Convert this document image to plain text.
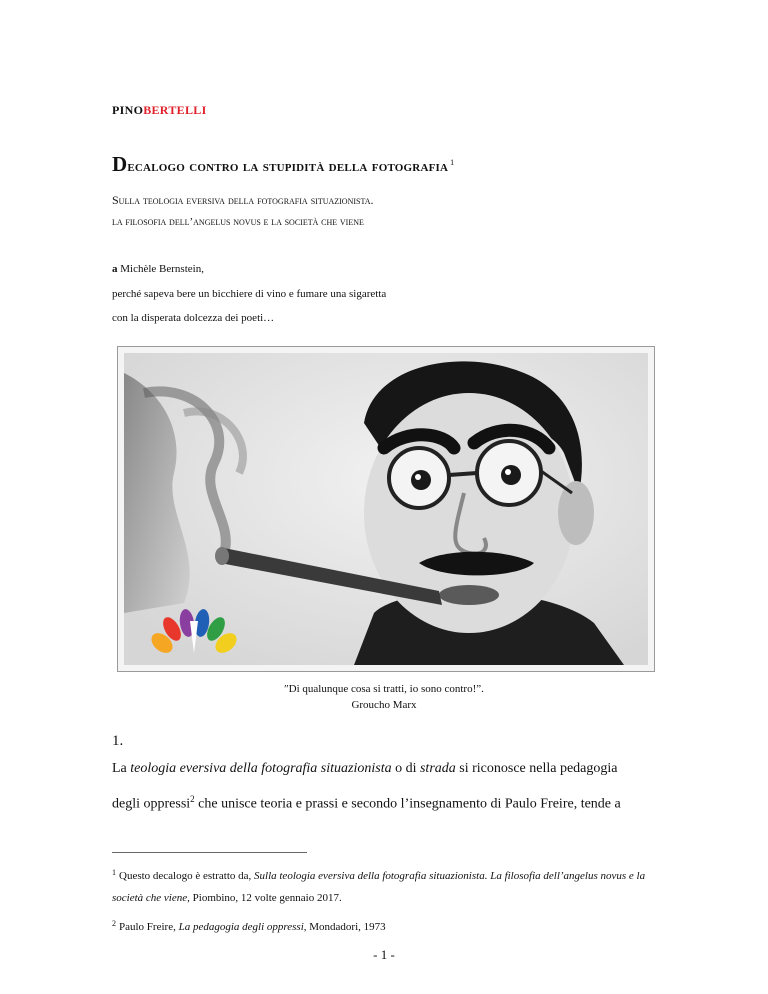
PINOBERTELLI
Decalogo contro la stupidità della fotografia $^1$
Sulla teologia eversiva della fotografia situazionista.
la filosofia dell’angelus novus e la società che viene
a Michèle Bernstein,
perché sapeva bere un bicchiere di vino e fumare una sigaretta
con la disperata dolcezza dei poeti…
″Di qualunque cosa si tratti, io sono contro!”.
Groucho Marx
1.
La teologia eversiva della fotografia situazionista o di strada si riconosce nella pedagogia
degli oppressi$^2$ che unisce teoria e prassi e secondo l’insegnamento di Paulo Freire, tende a
$^1$ Questo decalogo è estratto da, Sulla teologia eversiva della fotografia situazionista. La filosofia dell’angelus novus e la società che viene, Piombino, 12 volte gennaio 2017.
$^2$ Paulo Freire, La pedagogia degli oppressi, Mondadori, 1973
- 1 -
